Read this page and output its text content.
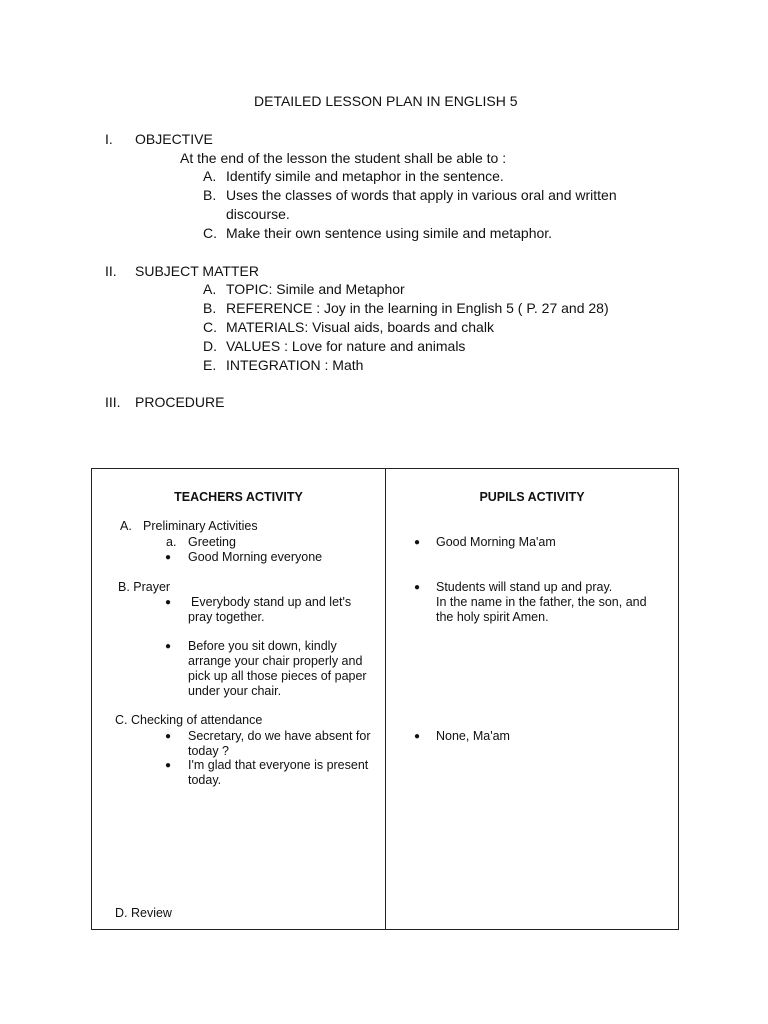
DETAILED LESSON PLAN IN ENGLISH 5
I. OBJECTIVE
At the end of the lesson the student shall be able to :
A. Identify simile and metaphor in the sentence.
B. Uses the classes of words that apply in various oral and written
discourse.
C. Make their own sentence using simile and metaphor.
II. SUBJECT MATTER
A. TOPIC: Simile and Metaphor
B. REFERENCE : Joy in the learning in English 5 ( P. 27 and 28)
C. MATERIALS: Visual aids, boards and chalk
D. VALUES : Love for nature and animals
E. INTEGRATION : Math
III. PROCEDURE
TEACHERS ACTIVITY	PUPILS ACTIVITY
A. Preliminary Activities
a. Greeting
● Good Morning everyone
B. Prayer
● Everybody stand up and let's
pray together.
● Before you sit down, kindly
arrange your chair properly and
pick up all those pieces of paper
under your chair.
C. Checking of attendance
● Secretary, do we have absent for
today ?
● I'm glad that everyone is present
today.
D. Review
● Good Morning Ma'am
● Students will stand up and pray.
In the name in the father, the son, and
the holy spirit Amen.
● None, Ma'am
